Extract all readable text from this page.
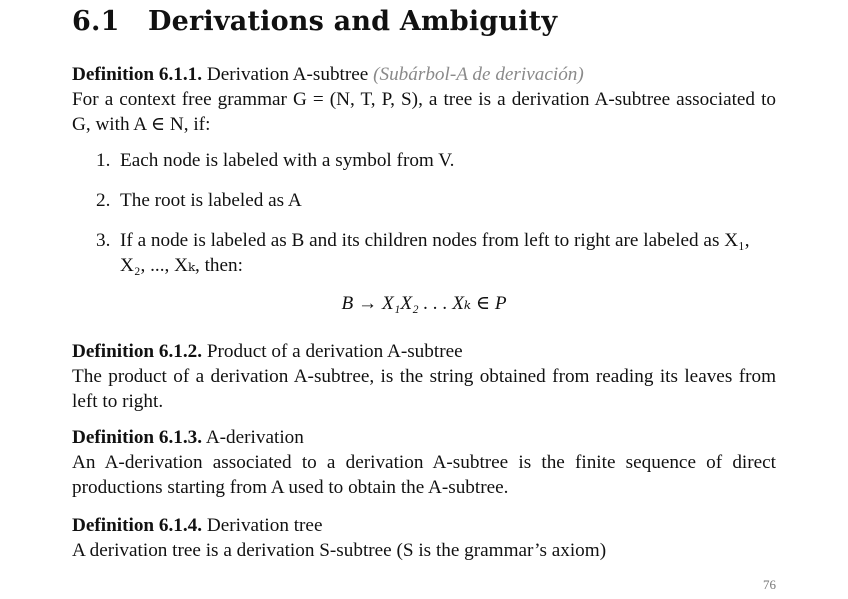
6.1 Derivations and Ambiguity
Definition 6.1.1. Derivation A-subtree (Subárbol-A de derivación)
For a context free grammar G = (N, T, P, S), a tree is a derivation A-subtree associated to G, with A ∈ N, if:
1. Each node is labeled with a symbol from V.
2. The root is labeled as A
3. If a node is labeled as B and its children nodes from left to right are labeled as X₁, X₂, ..., Xₖ, then:
B → X₁X₂ . . . Xₖ ∈ P
Definition 6.1.2. Product of a derivation A-subtree
The product of a derivation A-subtree, is the string obtained from reading its leaves from left to right.
Definition 6.1.3. A-derivation
An A-derivation associated to a derivation A-subtree is the finite sequence of direct productions starting from A used to obtain the A-subtree.
Definition 6.1.4. Derivation tree
A derivation tree is a derivation S-subtree (S is the grammar’s axiom)
76
